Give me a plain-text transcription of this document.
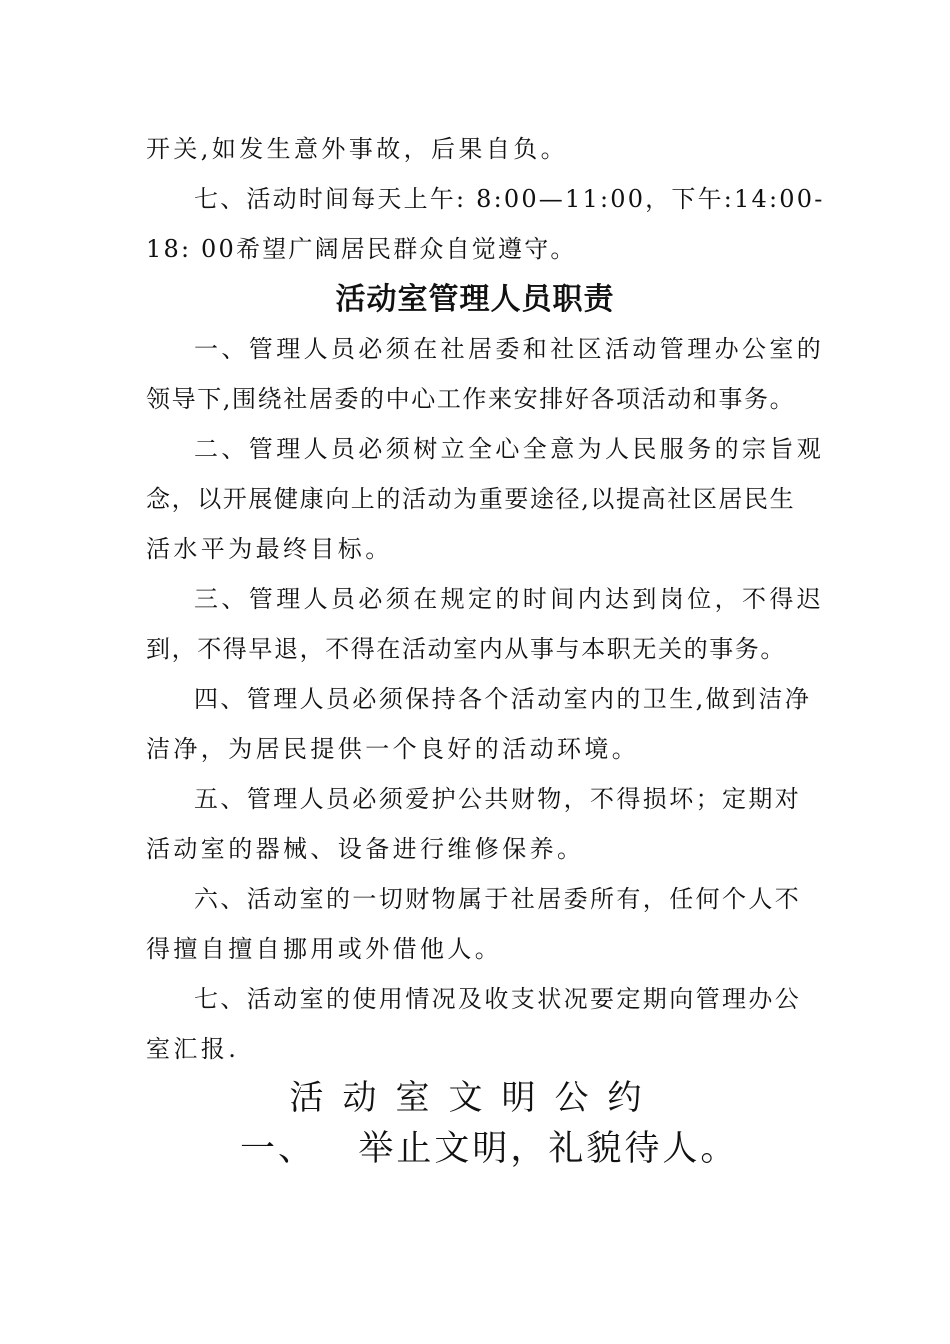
开关,如发生意外事故，后果自负。
七、活动时间每天上午: 8:00—11:00，下午:14:00-
18: 00希望广阔居民群众自觉遵守。
活动室管理人员职责
一、管理人员必须在社居委和社区活动管理办公室的
领导下,围绕社居委的中心工作来安排好各项活动和事务。
二、管理人员必须树立全心全意为人民服务的宗旨观
念，以开展健康向上的活动为重要途径,以提高社区居民生
活水平为最终目标。
三、管理人员必须在规定的时间内达到岗位，不得迟
到，不得早退，不得在活动室内从事与本职无关的事务。
四、管理人员必须保持各个活动室内的卫生,做到洁净
洁净，为居民提供一个良好的活动环境。
五、管理人员必须爱护公共财物，不得损坏；定期对
活动室的器械、设备进行维修保养。
六、活动室的一切财物属于社居委所有，任何个人不
得擅自擅自挪用或外借他人。
七、活动室的使用情况及收支状况要定期向管理办公
室汇报.
活动室文明公约
一、   举止文明，礼貌待人。
